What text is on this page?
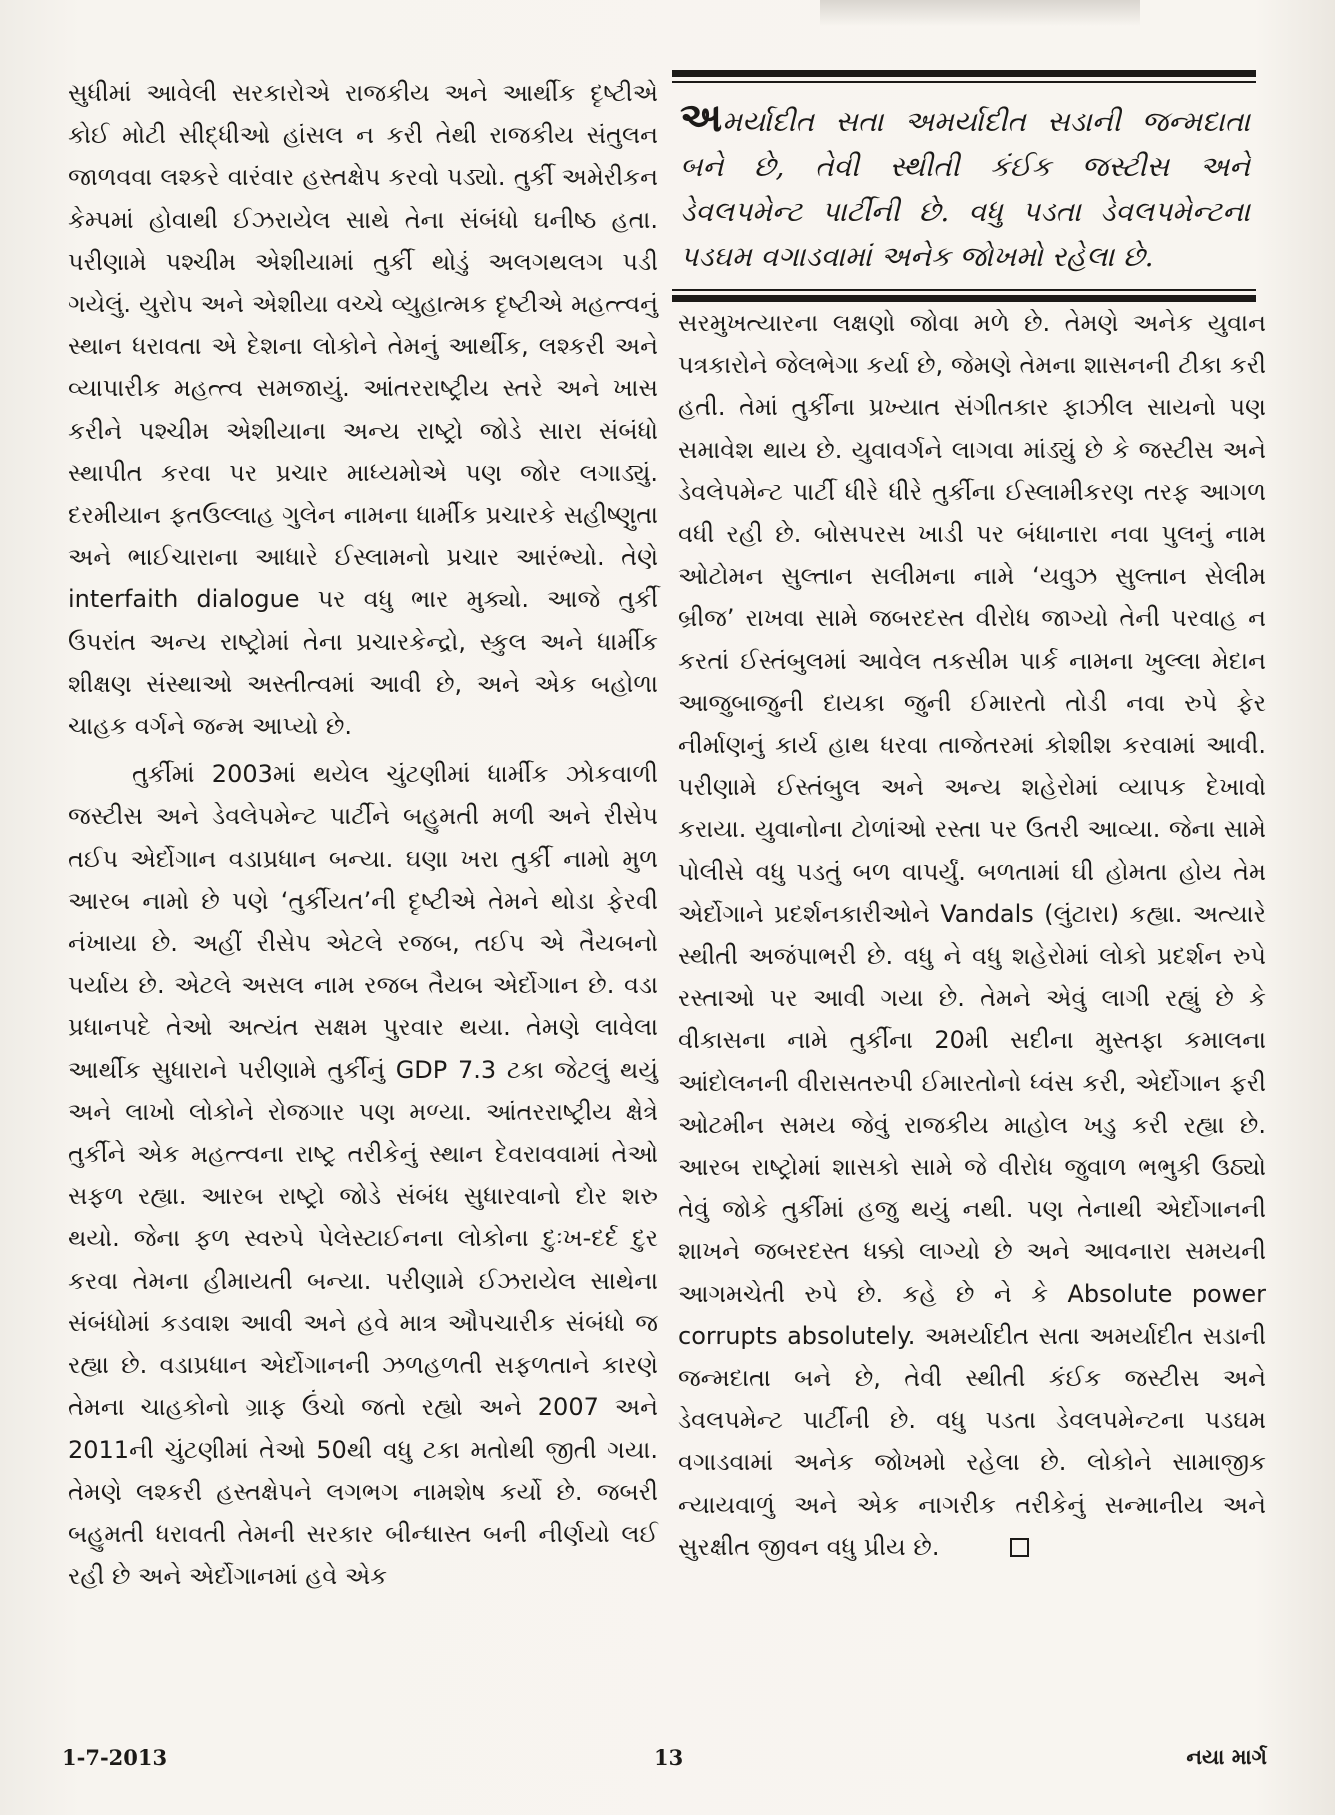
સુધીમાં આવેલી સરકારોએ રાજકીય અને આર્થીક દૃષ્ટીએ કોઈ મોટી સીદ્ધીઓ હાંસલ ન કરી તેથી રાજકીય સંતુલન જાળવવા લશ્કરે વારંવાર હસ્તક્ષેપ કરવો પડ્યો. તુર્કી અમેરીકન કેમ્પમાં હોવાથી ઈઝરાયેલ સાથે તેના સંબંધો ઘનીષ્ઠ હતા. પરીણામે પશ્ચીમ એશીયામાં તુર્કી થોડું અલગથલગ પડી ગયેલું. યુરોપ અને એશીયા વચ્ચે વ્યુહાત્મક દૃષ્ટીએ મહત્ત્વનું સ્થાન ધરાવતા એ દેશના લોકોને તેમનું આર્થીક, લશ્કરી અને વ્યાપારીક મહત્ત્વ સમજાયું. આંતરરાષ્ટ્રીય સ્તરે અને ખાસ કરીને પશ્ચીમ એશીયાના અન્ય રાષ્ટ્રો જોડે સારા સંબંધો સ્થાપીત કરવા પર પ્રચાર માધ્યમોએ પણ જોર લગાડ્યું. દરમીયાન ફતઉલ્લાહ ગુલેન નામના ધાર્મીક પ્રચારકે સહીષ્ણુતા અને ભાઈચારાના આધારે ઈસ્લામનો પ્રચાર આરંભ્યો. તેણે interfaith dialogue પર વધુ ભાર મુક્યો. આજે તુર્કી ઉપરાંત અન્ય રાષ્ટ્રોમાં તેના પ્રચારકેન્દ્રો, સ્કુલ અને ધાર્મીક શીક્ષણ સંસ્થાઓ અસ્તીત્વમાં આવી છે, અને એક બહોળા ચાહક વર્ગને જન્મ આપ્યો છે.

તુર્કીમાં 2003માં થયેલ ચુંટણીમાં ધાર્મીક ઝોકવાળી જસ્ટીસ અને ડેવલેપમેન્ટ પાર્ટીને બહુમતી મળી અને રીસેપ તઈપ એર્દોગાન વડાપ્રધાન બન્યા. ઘણા ખરા તુર્કી નામો મુળ આરબ નામો છે પણે ‘તુર્કીયત’ની દૃષ્ટીએ તેમને થોડા ફેરવી નંખાયા છે. અહીં રીસેપ એટલે રજબ, તઈપ એ તૈયબનો પર્યાય છે. એટલે અસલ નામ રજબ તૈયબ એર્દોગાન છે. વડા પ્રધાનપદે તેઓ અત્યંત સક્ષમ પુરવાર થયા. તેમણે લાવેલા આર્થીક સુધારાને પરીણામે તુર્કીનું GDP 7.3 ટકા જેટલું થયું અને લાખો લોકોને રોજગાર પણ મળ્યા. આંતરરાષ્ટ્રીય ક્ષેત્રે તુર્કીને એક મહત્ત્વના રાષ્ટ્ર તરીકેનું સ્થાન દેવરાવવામાં તેઓ સફળ રહ્યા. આરબ રાષ્ટ્રો જોડે સંબંધ સુધારવાનો દોર શરુ થયો. જેના ફળ સ્વરુપે પેલેસ્ટાઈનના લોકોના દુઃખ-દર્દ દુર કરવા તેમના હીમાયતી બન્યા. પરીણામે ઈઝરાયેલ સાથેના સંબંધોમાં કડવાશ આવી અને હવે માત્ર ઔપચારીક સંબંધો જ રહ્યા છે. વડાપ્રધાન એર્દોગાનની ઝળહળતી સફળતાને કારણે તેમના ચાહકોનો ગ્રાફ ઉંચો જતો રહ્યો અને 2007 અને 2011ની ચુંટણીમાં તેઓ 50થી વધુ ટકા મતોથી જીતી ગયા. તેમણે લશ્કરી હસ્તક્ષેપને લગભગ નામશેષ કર્યો છે. જબરી બહુમતી ધરાવતી તેમની સરકાર બીન્ધાસ્ત બની નીર્ણયો લઈ રહી છે અને એર્દોગાનમાં હવે એક

અમર્યાદીત સતા અમર્યાદીત સડાની જન્મદાતા બને છે, તેવી સ્થીતી કંઈક જસ્ટીસ અને ડેવલપમેન્ટ પાર્ટીની છે. વધુ પડતા ડેવલપમેન્ટના પડઘમ વગાડવામાં અનેક જોખમો રહેલા છે.

સરમુખત્યારના લક્ષણો જોવા મળે છે. તેમણે અનેક યુવાન પત્રકારોને જેલભેગા કર્યા છે, જેમણે તેમના શાસનની ટીકા કરી હતી. તેમાં તુર્કીના પ્રખ્યાત સંગીતકાર ફાઝીલ સાયનો પણ સમાવેશ થાય છે. યુવાવર્ગને લાગવા માંડ્યું છે કે જસ્ટીસ અને ડેવલેપમેન્ટ પાર્ટી ધીરે ધીરે તુર્કીના ઈસ્લામીકરણ તરફ આગળ વધી રહી છે. બોસપરસ ખાડી પર બંધાનારા નવા પુલનું નામ ઓટોમન સુલ્તાન સલીમના નામે ‘યવુઝ સુલ્તાન સેલીમ બ્રીજ’ રાખવા સામે જબરદસ્ત વીરોધ જાગ્યો તેની પરવાહ ન કરતાં ઈસ્તંબુલમાં આવેલ તકસીમ પાર્ક નામના ખુલ્લા મેદાન આજુબાજુની દાયકા જુની ઈમારતો તોડી નવા રુપે ફેર નીર્માણનું કાર્ય હાથ ધરવા તાજેતરમાં કોશીશ કરવામાં આવી. પરીણામે ઈસ્તંબુલ અને અન્ય શહેરોમાં વ્યાપક દેખાવો કરાયા. યુવાનોના ટોળાંઓ રસ્તા પર ઉતરી આવ્યા. જેના સામે પોલીસે વધુ પડતું બળ વાપર્યું. બળતામાં ઘી હોમતા હોય તેમ એર્દોગાને પ્રદર્શનકારીઓને Vandals (લુંટારા) કહ્યા. અત્યારે સ્થીતી અજંપાભરી છે. વધુ ને વધુ શહેરોમાં લોકો પ્રદર્શન રુપે રસ્તાઓ પર આવી ગયા છે. તેમને એવું લાગી રહ્યું છે કે વીકાસના નામે તુર્કીના 20મી સદીના મુસ્તફા કમાલના આંદોલનની વીરાસતરુપી ઈમારતોનો ધ્વંસ કરી, એર્દોગાન ફરી ઓટમીન સમય જેવું રાજકીય માહોલ ખડુ કરી રહ્યા છે. આરબ રાષ્ટ્રોમાં શાસકો સામે જે વીરોધ જુવાળ ભભુકી ઉઠ્યો તેવું જોકે તુર્કીમાં હજુ થયું નથી. પણ તેનાથી એર્દોગાનની શાખને જબરદસ્ત ધક્કો લાગ્યો છે અને આવનારા સમયની આગમચેતી રુપે છે. કહે છે ને કે Absolute power corrupts absolutely. અમર્યાદીત સતા અમર્યાદીત સડાની જન્મદાતા બને છે, તેવી સ્થીતી કંઈક જસ્ટીસ અને ડેવલપમેન્ટ પાર્ટીની છે. વધુ પડતા ડેવલપમેન્ટના પડઘમ વગાડવામાં અનેક જોખમો રહેલા છે. લોકોને સામાજીક ન્યાયવાળું અને એક નાગરીક તરીકેનું સન્માનીય અને સુરક્ષીત જીવન વધુ પ્રીય છે.

1-7-2013	13	નયા માર્ગ
